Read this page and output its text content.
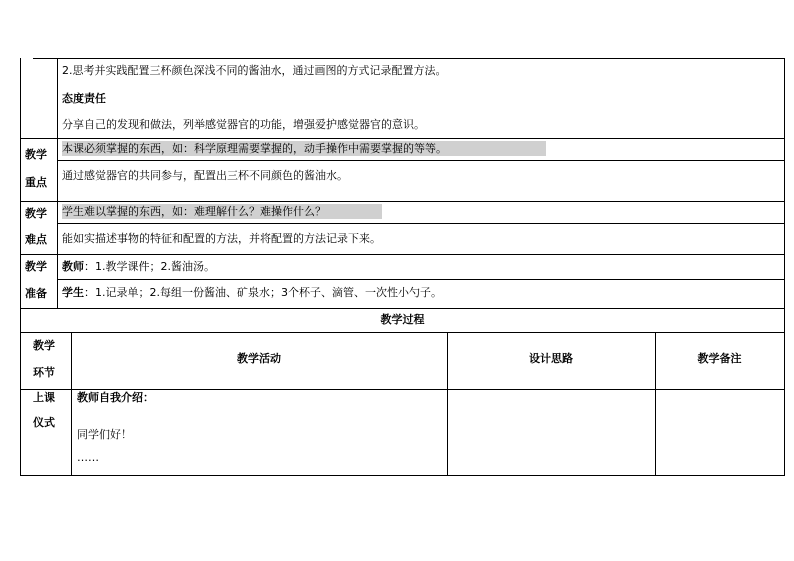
2.思考并实践配置三杯颜色深浅不同的酱油水，通过画图的方式记录配置方法。
态度责任
分享自己的发现和做法，列举感觉器官的功能，增强爱护感觉器官的意识。
教学
重点
本课必须掌握的东西，如：科学原理需要掌握的，动手操作中需要掌握的等等。
通过感觉器官的共同参与，配置出三杯不同颜色的酱油水。
教学
难点
学生难以掌握的东西，如：难理解什么？难操作什么？
能如实描述事物的特征和配置的方法，并将配置的方法记录下来。
教学
准备
教师：1.教学课件；2.酱油汤。
学生：1.记录单；2.每组一份酱油、矿泉水；3个杯子、滴管、一次性小勺子。
教学过程
教学
环节
教学活动	设计思路	教学备注
上课
仪式
教师自我介绍：
同学们好！
……
